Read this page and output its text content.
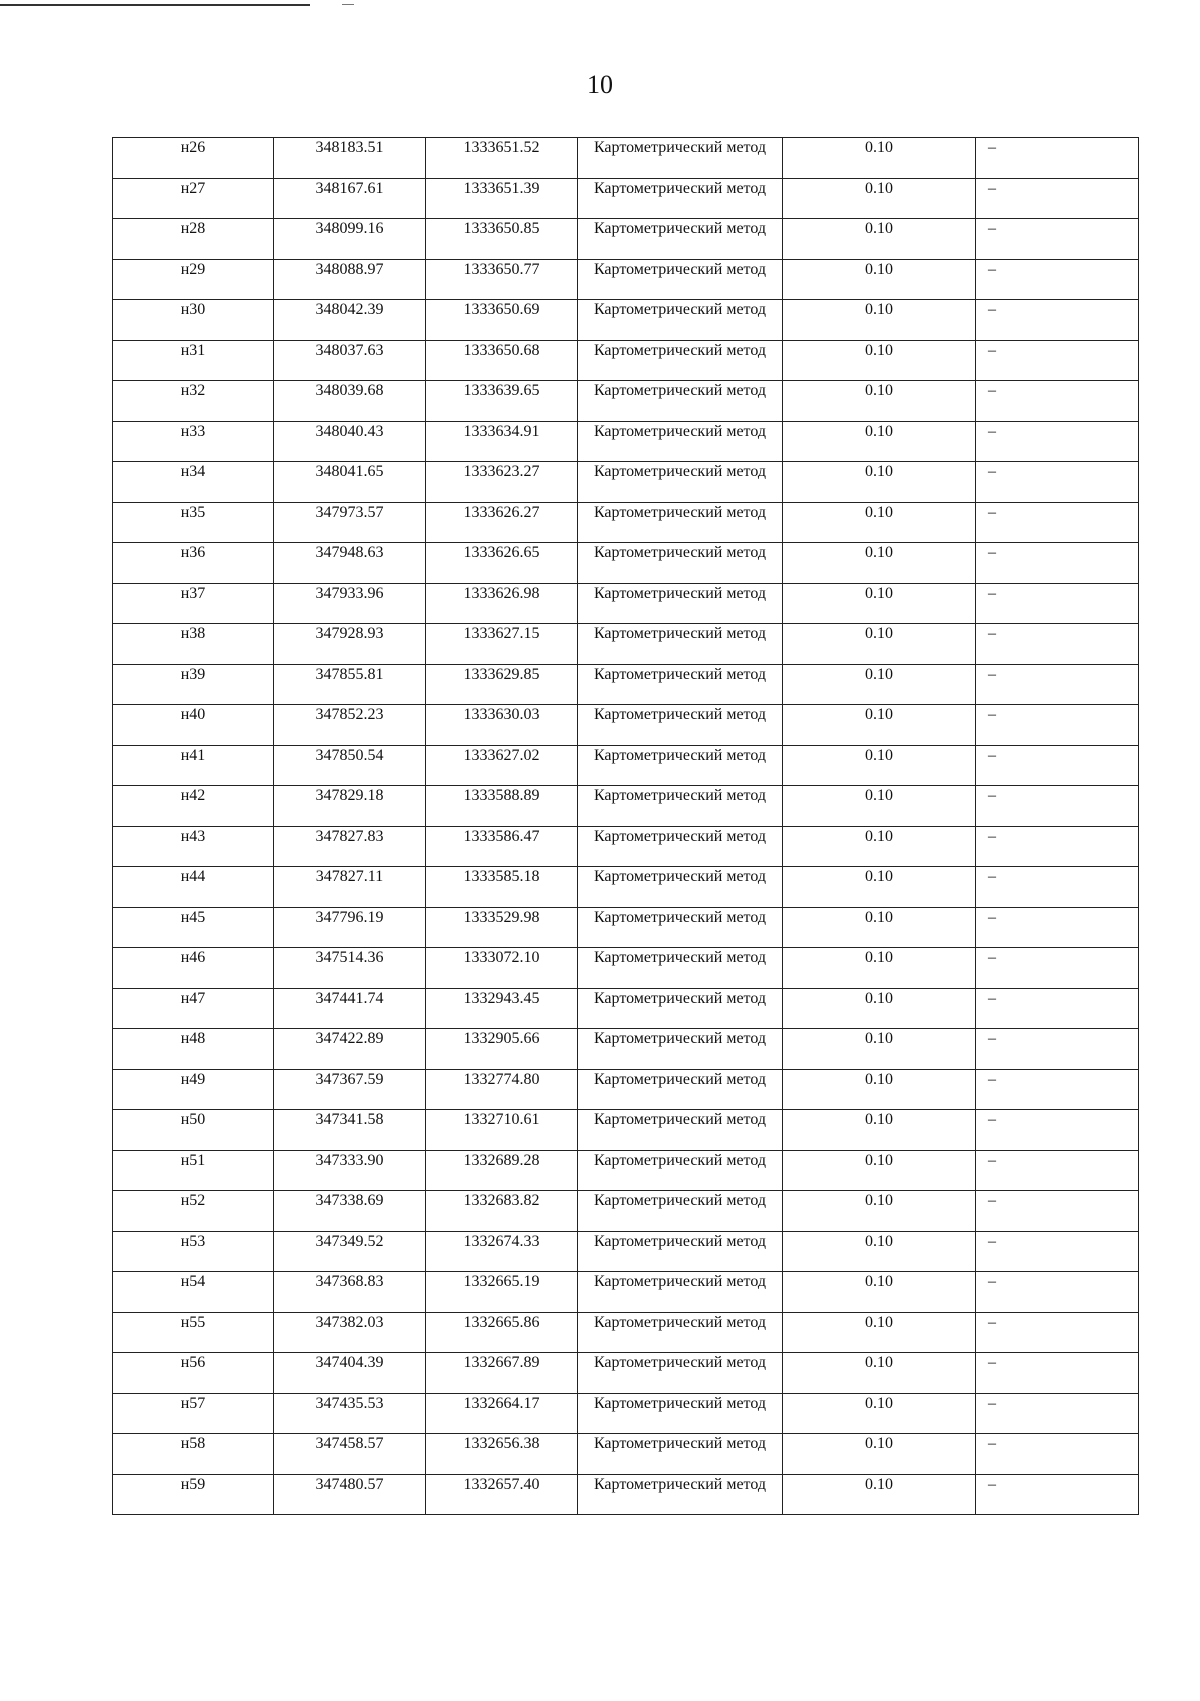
10
н26	348183.51	1333651.52	Картометрический метод	0.10	–
н27	348167.61	1333651.39	Картометрический метод	0.10	–
н28	348099.16	1333650.85	Картометрический метод	0.10	–
н29	348088.97	1333650.77	Картометрический метод	0.10	–
н30	348042.39	1333650.69	Картометрический метод	0.10	–
н31	348037.63	1333650.68	Картометрический метод	0.10	–
н32	348039.68	1333639.65	Картометрический метод	0.10	–
н33	348040.43	1333634.91	Картометрический метод	0.10	–
н34	348041.65	1333623.27	Картометрический метод	0.10	–
н35	347973.57	1333626.27	Картометрический метод	0.10	–
н36	347948.63	1333626.65	Картометрический метод	0.10	–
н37	347933.96	1333626.98	Картометрический метод	0.10	–
н38	347928.93	1333627.15	Картометрический метод	0.10	–
н39	347855.81	1333629.85	Картометрический метод	0.10	–
н40	347852.23	1333630.03	Картометрический метод	0.10	–
н41	347850.54	1333627.02	Картометрический метод	0.10	–
н42	347829.18	1333588.89	Картометрический метод	0.10	–
н43	347827.83	1333586.47	Картометрический метод	0.10	–
н44	347827.11	1333585.18	Картометрический метод	0.10	–
н45	347796.19	1333529.98	Картометрический метод	0.10	–
н46	347514.36	1333072.10	Картометрический метод	0.10	–
н47	347441.74	1332943.45	Картометрический метод	0.10	–
н48	347422.89	1332905.66	Картометрический метод	0.10	–
н49	347367.59	1332774.80	Картометрический метод	0.10	–
н50	347341.58	1332710.61	Картометрический метод	0.10	–
н51	347333.90	1332689.28	Картометрический метод	0.10	–
н52	347338.69	1332683.82	Картометрический метод	0.10	–
н53	347349.52	1332674.33	Картометрический метод	0.10	–
н54	347368.83	1332665.19	Картометрический метод	0.10	–
н55	347382.03	1332665.86	Картометрический метод	0.10	–
н56	347404.39	1332667.89	Картометрический метод	0.10	–
н57	347435.53	1332664.17	Картометрический метод	0.10	–
н58	347458.57	1332656.38	Картометрический метод	0.10	–
н59	347480.57	1332657.40	Картометрический метод	0.10	–
